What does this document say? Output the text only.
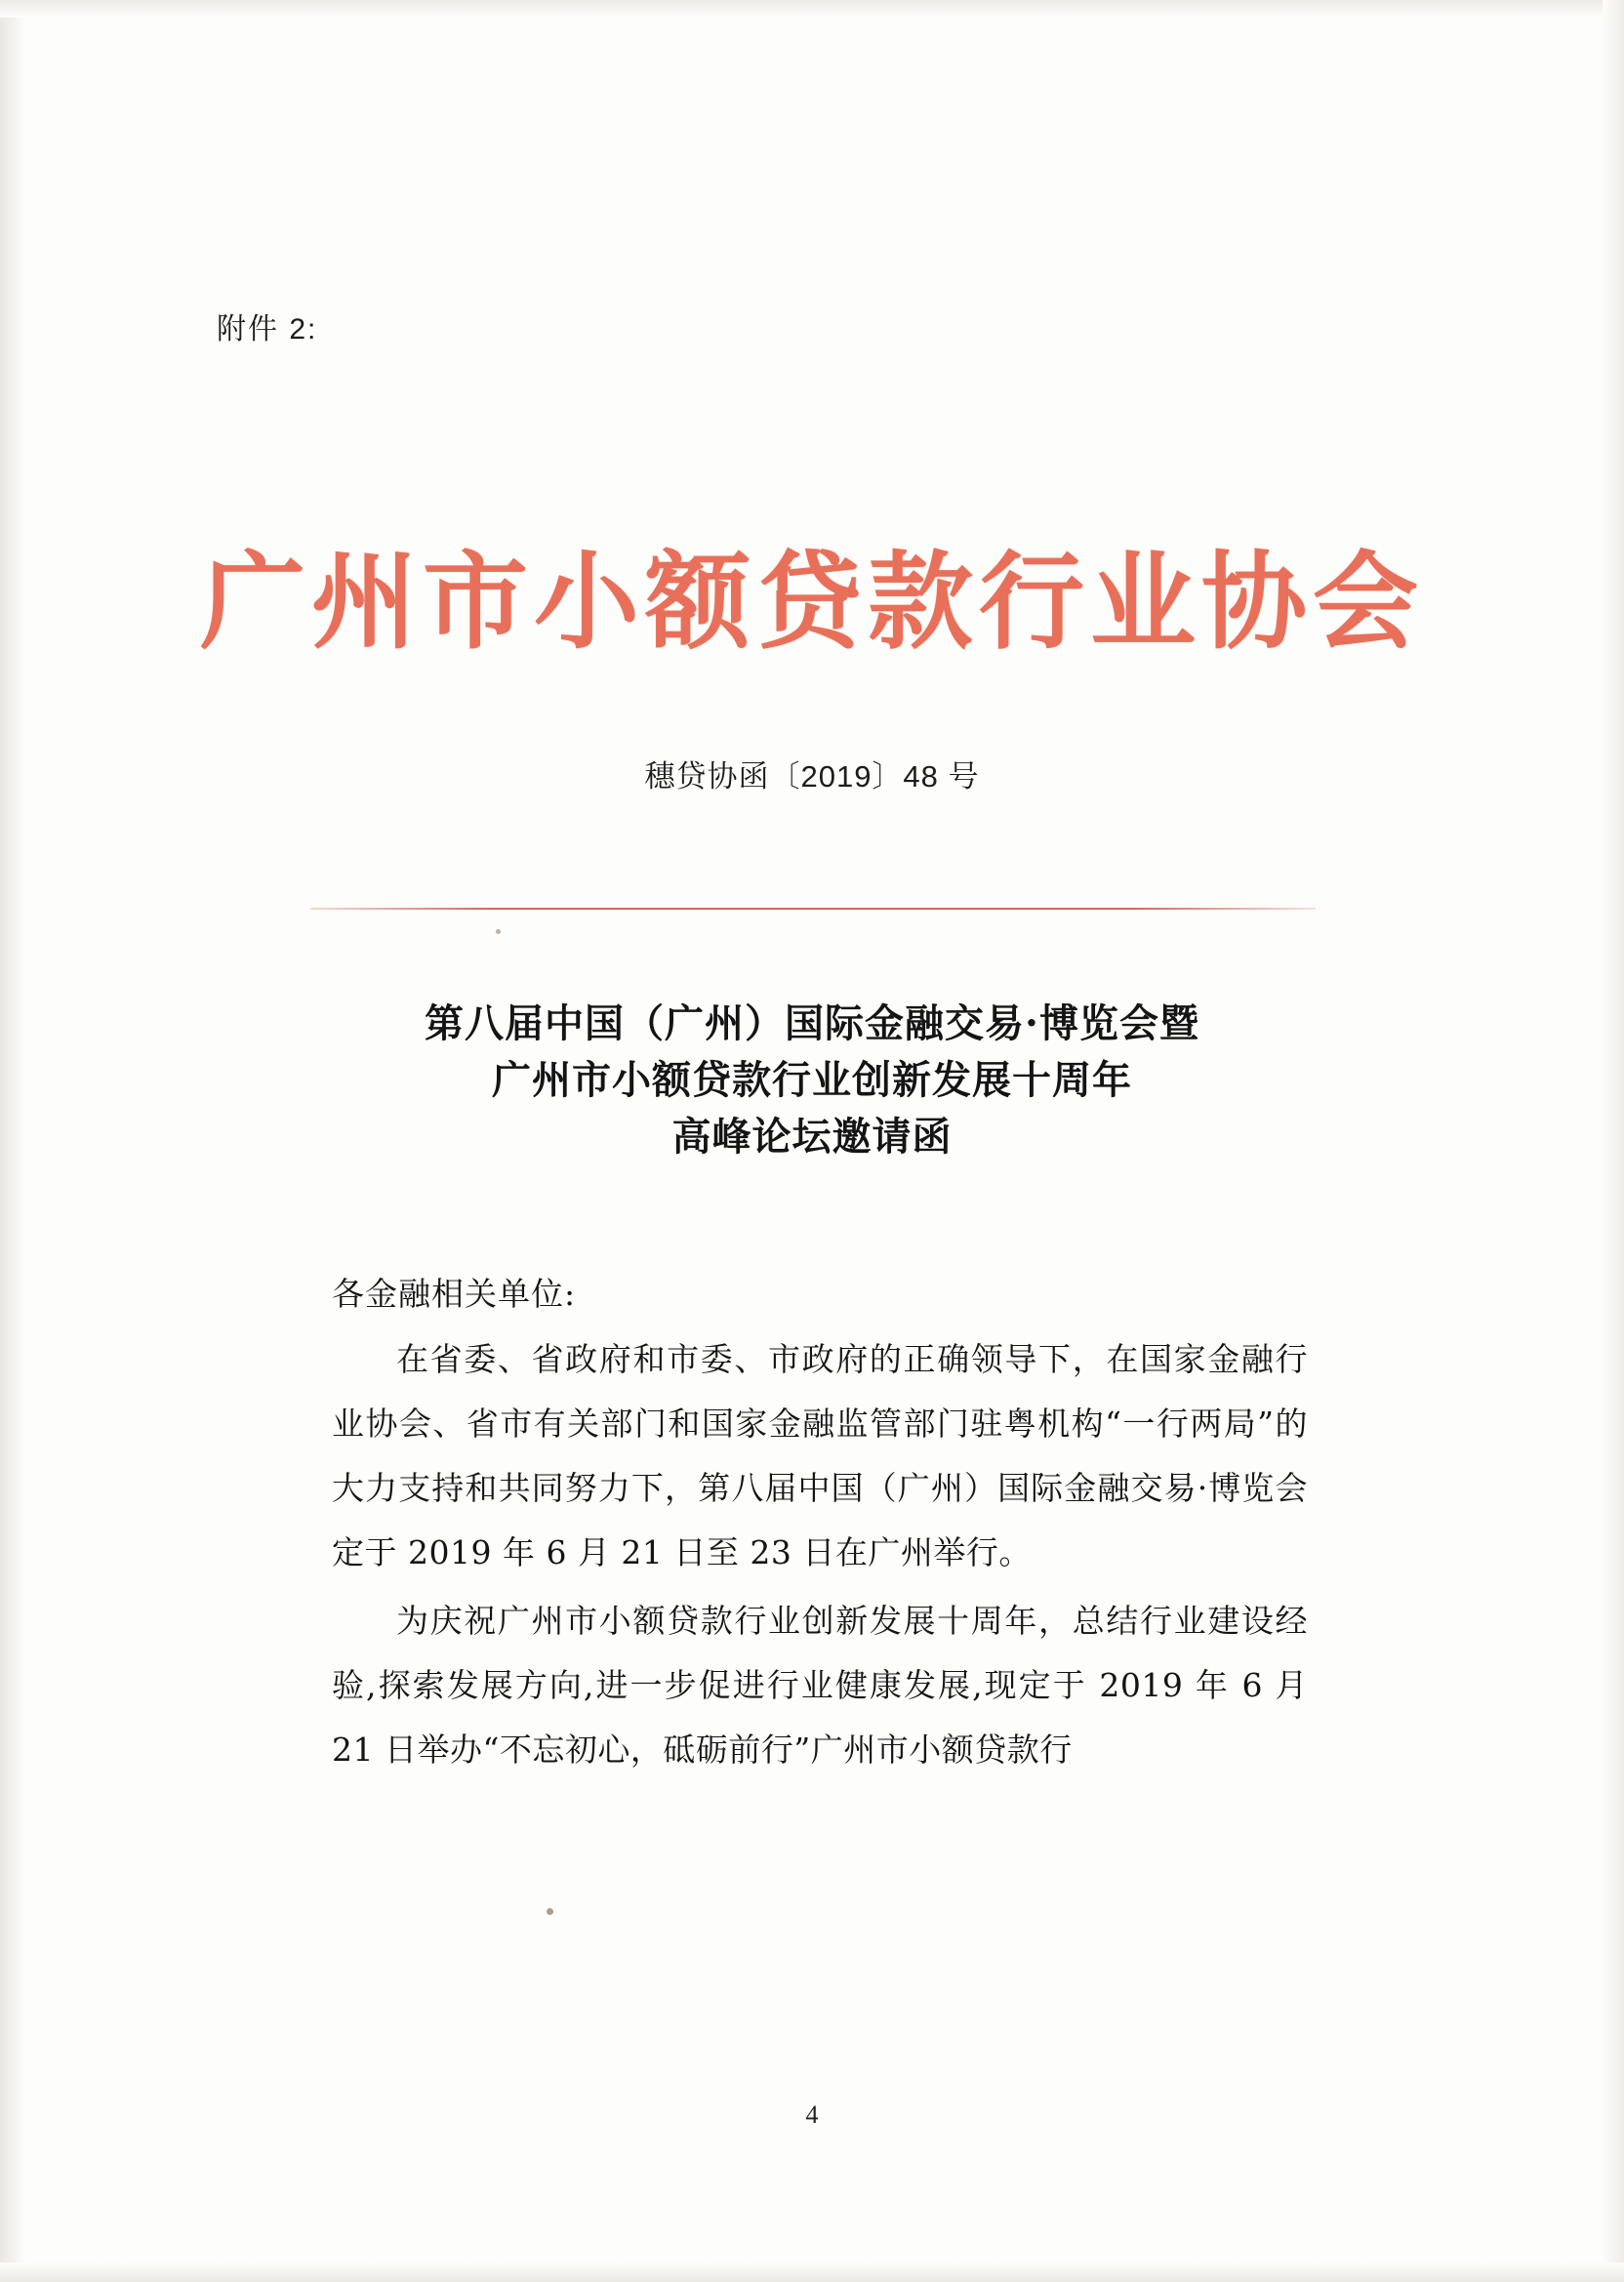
附件 2:
广州市小额贷款行业协会
穗贷协函〔2019〕48 号
第八届中国（广州）国际金融交易·博览会暨
广州市小额贷款行业创新发展十周年
高峰论坛邀请函
各金融相关单位:

在省委、省政府和市委、市政府的正确领导下，在国家金融行业协会、省市有关部门和国家金融监管部门驻粤机构“一行两局”的大力支持和共同努力下，第八届中国（广州）国际金融交易·博览会定于 2019 年 6 月 21 日至 23 日在广州举行。

为庆祝广州市小额贷款行业创新发展十周年，总结行业建设经验,探索发展方向,进一步促进行业健康发展,现定于 2019 年 6 月 21 日举办“不忘初心，砥砺前行”广州市小额贷款行

4
